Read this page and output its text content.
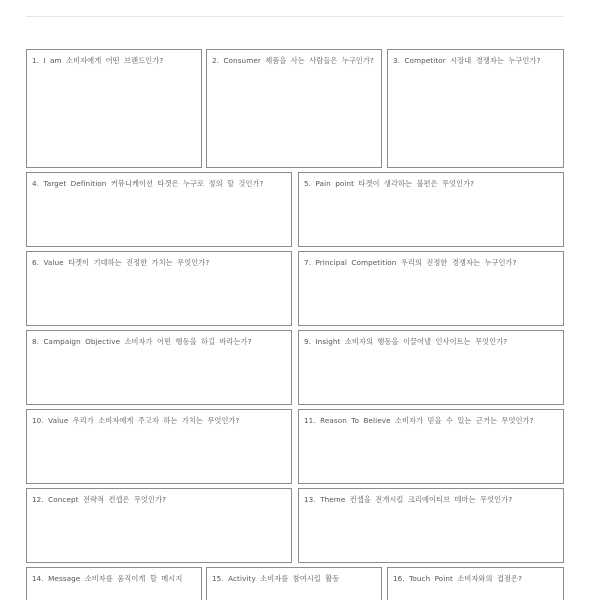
1. I am 소비자에게 어떤 브랜드인가?	2. Consumer 제품을 사는 사람들은 누구인가?	3. Competitor 시장내 경쟁자는 누구인가?
4. Target Definition 커뮤니케이션 타겟은 누구로 정의 할 것인가?	5. Pain point 타겟이 생각하는 불편은 무엇인가?
6. Value 타겟이 기대하는 진정한 가치는 무엇인가?	7. Principal Competition 우리의 진정한 경쟁자는 누구인가?
8. Campaign Objective 소비자가 어떤 행동을 하길 바라는가?	9. Insight 소비자의 행동을 이끌어낼 인사이트는 무엇인가?
10. Value 우리가 소비자에게 주고자 하는 가치는 무엇인가?	11. Reason To Believe 소비자가 믿을 수 있는 근거는 무엇인가?
12. Concept 전략적 컨셉은 무엇인가?	13. Theme 컨셉을 전개시킬 크리에이티브 테마는 무엇인가?
14. Message 소비자를 움직이게 할 메시지	15. Activity 소비자를 참여시킬 활동	16. Touch Point 소비자와의 접점은?
